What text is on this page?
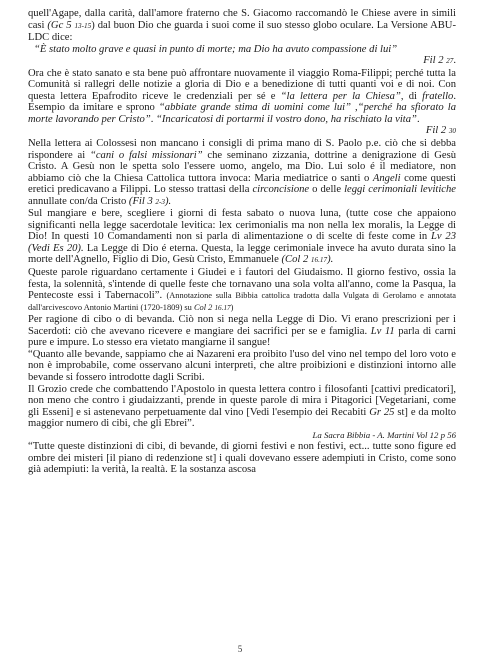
quell'Agape, dalla carità, dall'amore fraterno che S. Giacomo raccomandò le Chiese avere in simili casi (Gc 5 13-15) dal buon Dio che guarda i suoi come il suo stesso globo oculare. La Versione ABU-LDC dice:

“È stato molto grave e quasi in punto di morte; ma Dio ha avuto compassione di lui”

Fil 2 27.

Ora che è stato sanato e sta bene può affrontare nuovamente il viaggio Roma-Filippi; perché tutta la Comunità si rallegri delle notizie a gloria di Dio e a benedizione di tutti quanti voi e di noi. Con questa lettera Epafrodito riceve le credenziali per sé e “la lettera per la Chiesa”, di fratello. Esempio da imitare e sprono “abbiate grande stima di uomini come lui” ,“perché ha sfiorato la morte lavorando per Cristo”. “Incaricatosi di portarmi il vostro dono, ha rischiato la vita”.

Fil 2 30

Nella lettera ai Colossesi non mancano i consigli di prima mano di S. Paolo p.e. ciò che si debba rispondere ai “cani o falsi missionari” che seminano zizzania, dottrine a denigrazione di Gesù Cristo. A Gesù non le spetta solo l'essere uomo, angelo, ma Dio. Lui solo é il mediatore, non abbiamo ciò che la Chiesa Cattolica tuttora invoca: Maria mediatrice o santi o Angeli come questi eretici predicavano a Filippi. Lo stesso trattasi della circoncisione o delle leggi cerimoniali levitiche annullate con/da Cristo (Fil 3 2-3).

Sul mangiare e bere, scegliere i giorni di festa sabato o nuova luna, (tutte cose che appaiono significanti nella legge sacerdotale levitica: lex cerimonialis ma non nella lex moralis, la Legge di Dio! In questi 10 Comandamenti non si parla di alimentazione o di scelte di feste come in Lv 23 (Vedi Es 20). La Legge di Dio é eterna. Questa, la legge cerimoniale invece ha avuto durata sino la morte dell'Agnello, Figlio di Dio, Gesù Cristo, Emmanuele (Col 2 16.17).

Queste parole riguardano certamente i Giudei e i fautori del Giudaismo. Il giorno festivo, ossia la festa, la solennità, s'intende di quelle feste che tornavano una sola volta all'anno, come la Pasqua, la Pentecoste essi i Tabernacoli”. (Annotazione sulla Bibbia cattolica tradotta dalla Vulgata di Gerolamo e annotata dall'arcivescovo Antonio Martini (1720-1809) su Col 2 16.17)

Per ragione di cibo o di bevanda. Ciò non si nega nella Legge di Dio. Vi erano prescrizioni per i Sacerdoti: ciò che avevano ricevere e mangiare dei sacrifici per se e famiglia. Lv 11 parla di carni pure e impure. Lo stesso era vietato mangiarne il sangue!

“Quanto alle bevande, sappiamo che ai Nazareni era proibito l'uso del vino nel tempo del loro voto e non è improbabile, come osservano alcuni interpreti, che altre proibizioni e distinzioni intorno alle bevande si fossero introdotte dagli Scribi.

Il Grozio crede che combattendo l'Apostolo in questa lettera contro i filosofanti [cattivi predicatori], non meno che contro i giudaizzanti, prende in queste parole di mira i Pitagorici [Vegetariani, come gli Esseni] e si astenevano perpetuamente dal vino [Vedi l'esempio dei Recabiti Gr 25 st] e da molto maggior numero di cibi, che gli Ebrei”.

La Sacra Bibbia - A. Martini Vol 12 p 56

“Tutte queste distinzioni di cibi, di bevande, di giorni festivi e non festivi, ect... tutte sono figure ed ombre dei misteri [il piano di redenzione st] i quali dovevano essere adempiuti in Cristo, come sono già adempiuti: la verità, la realtà. E la sostanza ascosa

5
